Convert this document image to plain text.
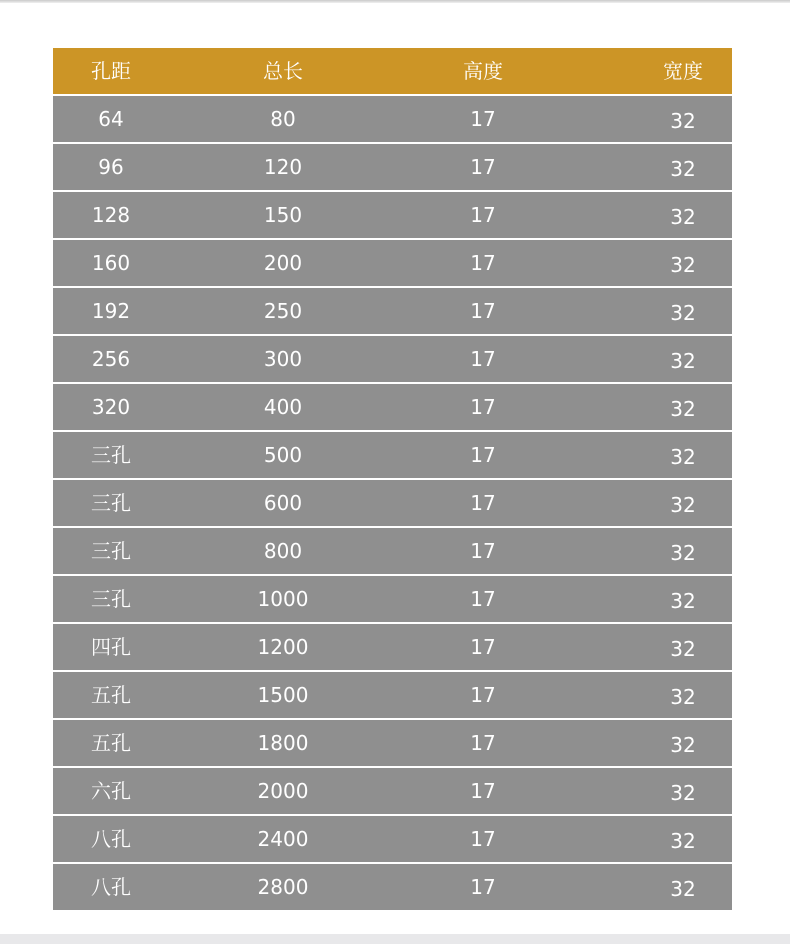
孔距	总长	高度	宽度
64	80	17	32
96	120	17	32
128	150	17	32
160	200	17	32
192	250	17	32
256	300	17	32
320	400	17	32
三孔	500	17	32
三孔	600	17	32
三孔	800	17	32
三孔	1000	17	32
四孔	1200	17	32
五孔	1500	17	32
五孔	1800	17	32
六孔	2000	17	32
八孔	2400	17	32
八孔	2800	17	32
